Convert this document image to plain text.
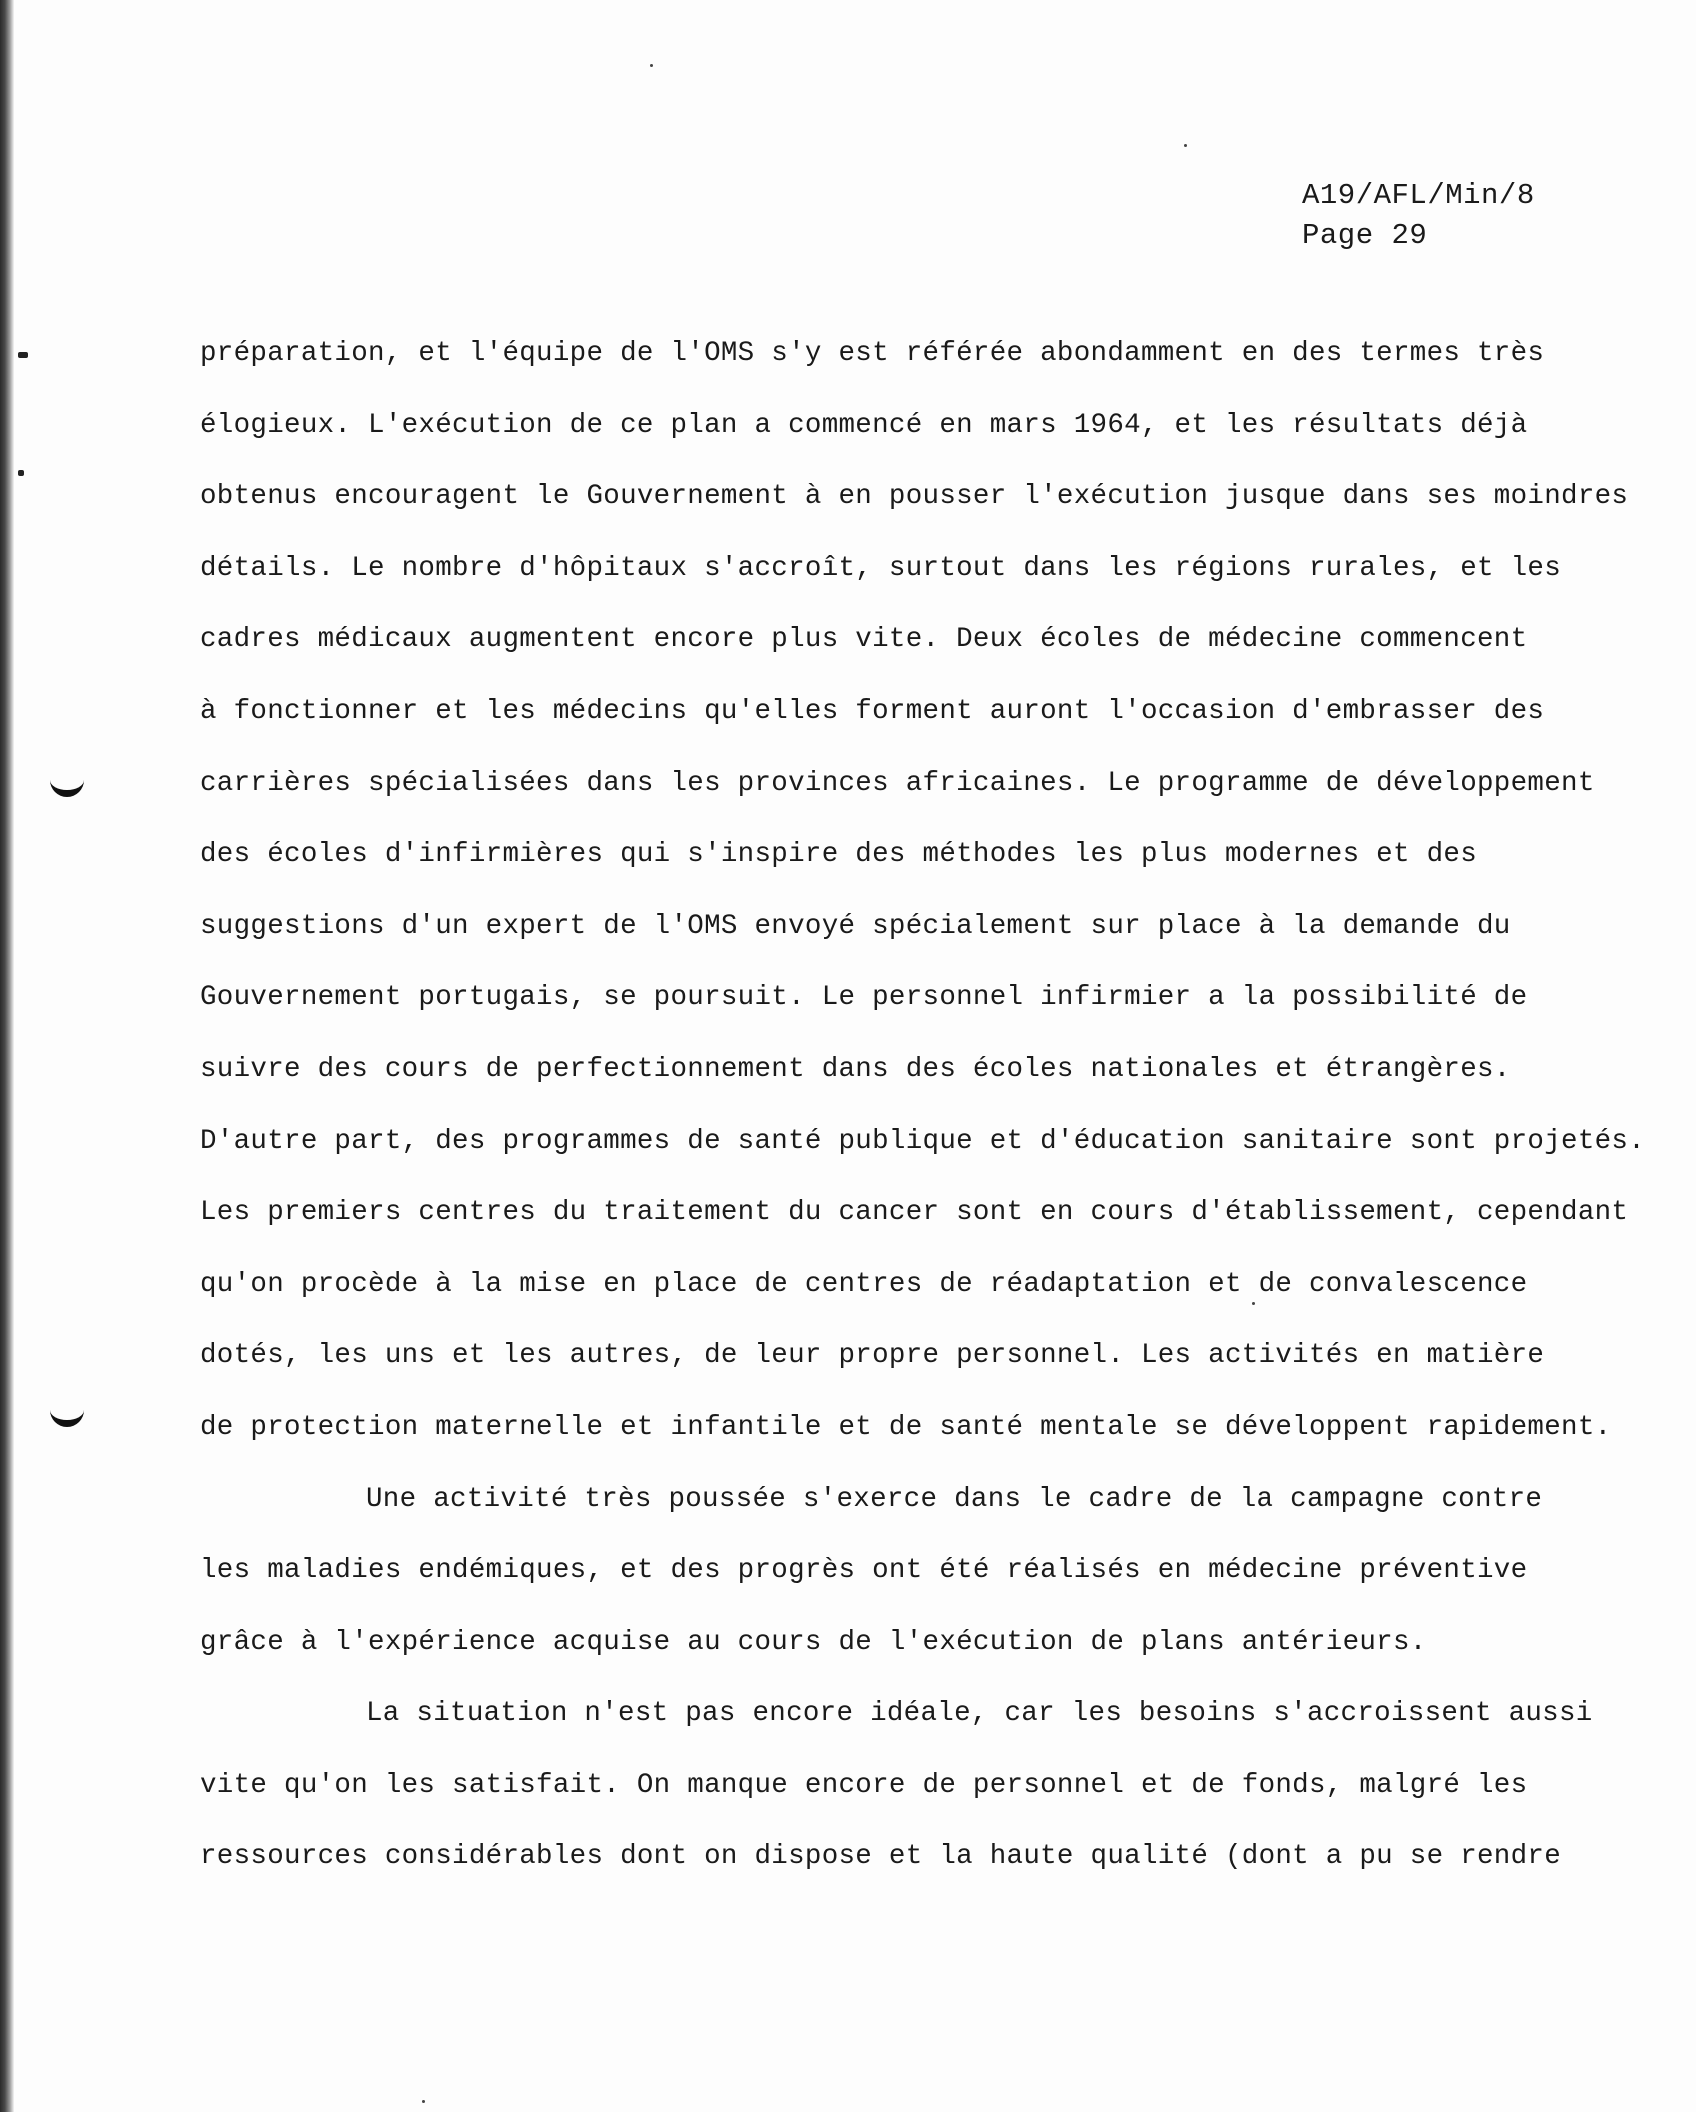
A19/AFL/Min/8
Page 29
préparation, et l'équipe de l'OMS s'y est référée abondamment en des termes très
élogieux. L'exécution de ce plan a commencé en mars 1964, et les résultats déjà
obtenus encouragent le Gouvernement à en pousser l'exécution jusque dans ses moindres
détails. Le nombre d'hôpitaux s'accroît, surtout dans les régions rurales, et les
cadres médicaux augmentent encore plus vite. Deux écoles de médecine commencent
à fonctionner et les médecins qu'elles forment auront l'occasion d'embrasser des
carrières spécialisées dans les provinces africaines. Le programme de développement
des écoles d'infirmières qui s'inspire des méthodes les plus modernes et des
suggestions d'un expert de l'OMS envoyé spécialement sur place à la demande du
Gouvernement portugais, se poursuit. Le personnel infirmier a la possibilité de
suivre des cours de perfectionnement dans des écoles nationales et étrangères.
D'autre part, des programmes de santé publique et d'éducation sanitaire sont projetés.
Les premiers centres du traitement du cancer sont en cours d'établissement, cependant
qu'on procède à la mise en place de centres de réadaptation et de convalescence
dotés, les uns et les autres, de leur propre personnel. Les activités en matière
de protection maternelle et infantile et de santé mentale se développent rapidement.
Une activité très poussée s'exerce dans le cadre de la campagne contre
les maladies endémiques, et des progrès ont été réalisés en médecine préventive
grâce à l'expérience acquise au cours de l'exécution de plans antérieurs.
La situation n'est pas encore idéale, car les besoins s'accroissent aussi
vite qu'on les satisfait. On manque encore de personnel et de fonds, malgré les
ressources considérables dont on dispose et la haute qualité (dont a pu se rendre
